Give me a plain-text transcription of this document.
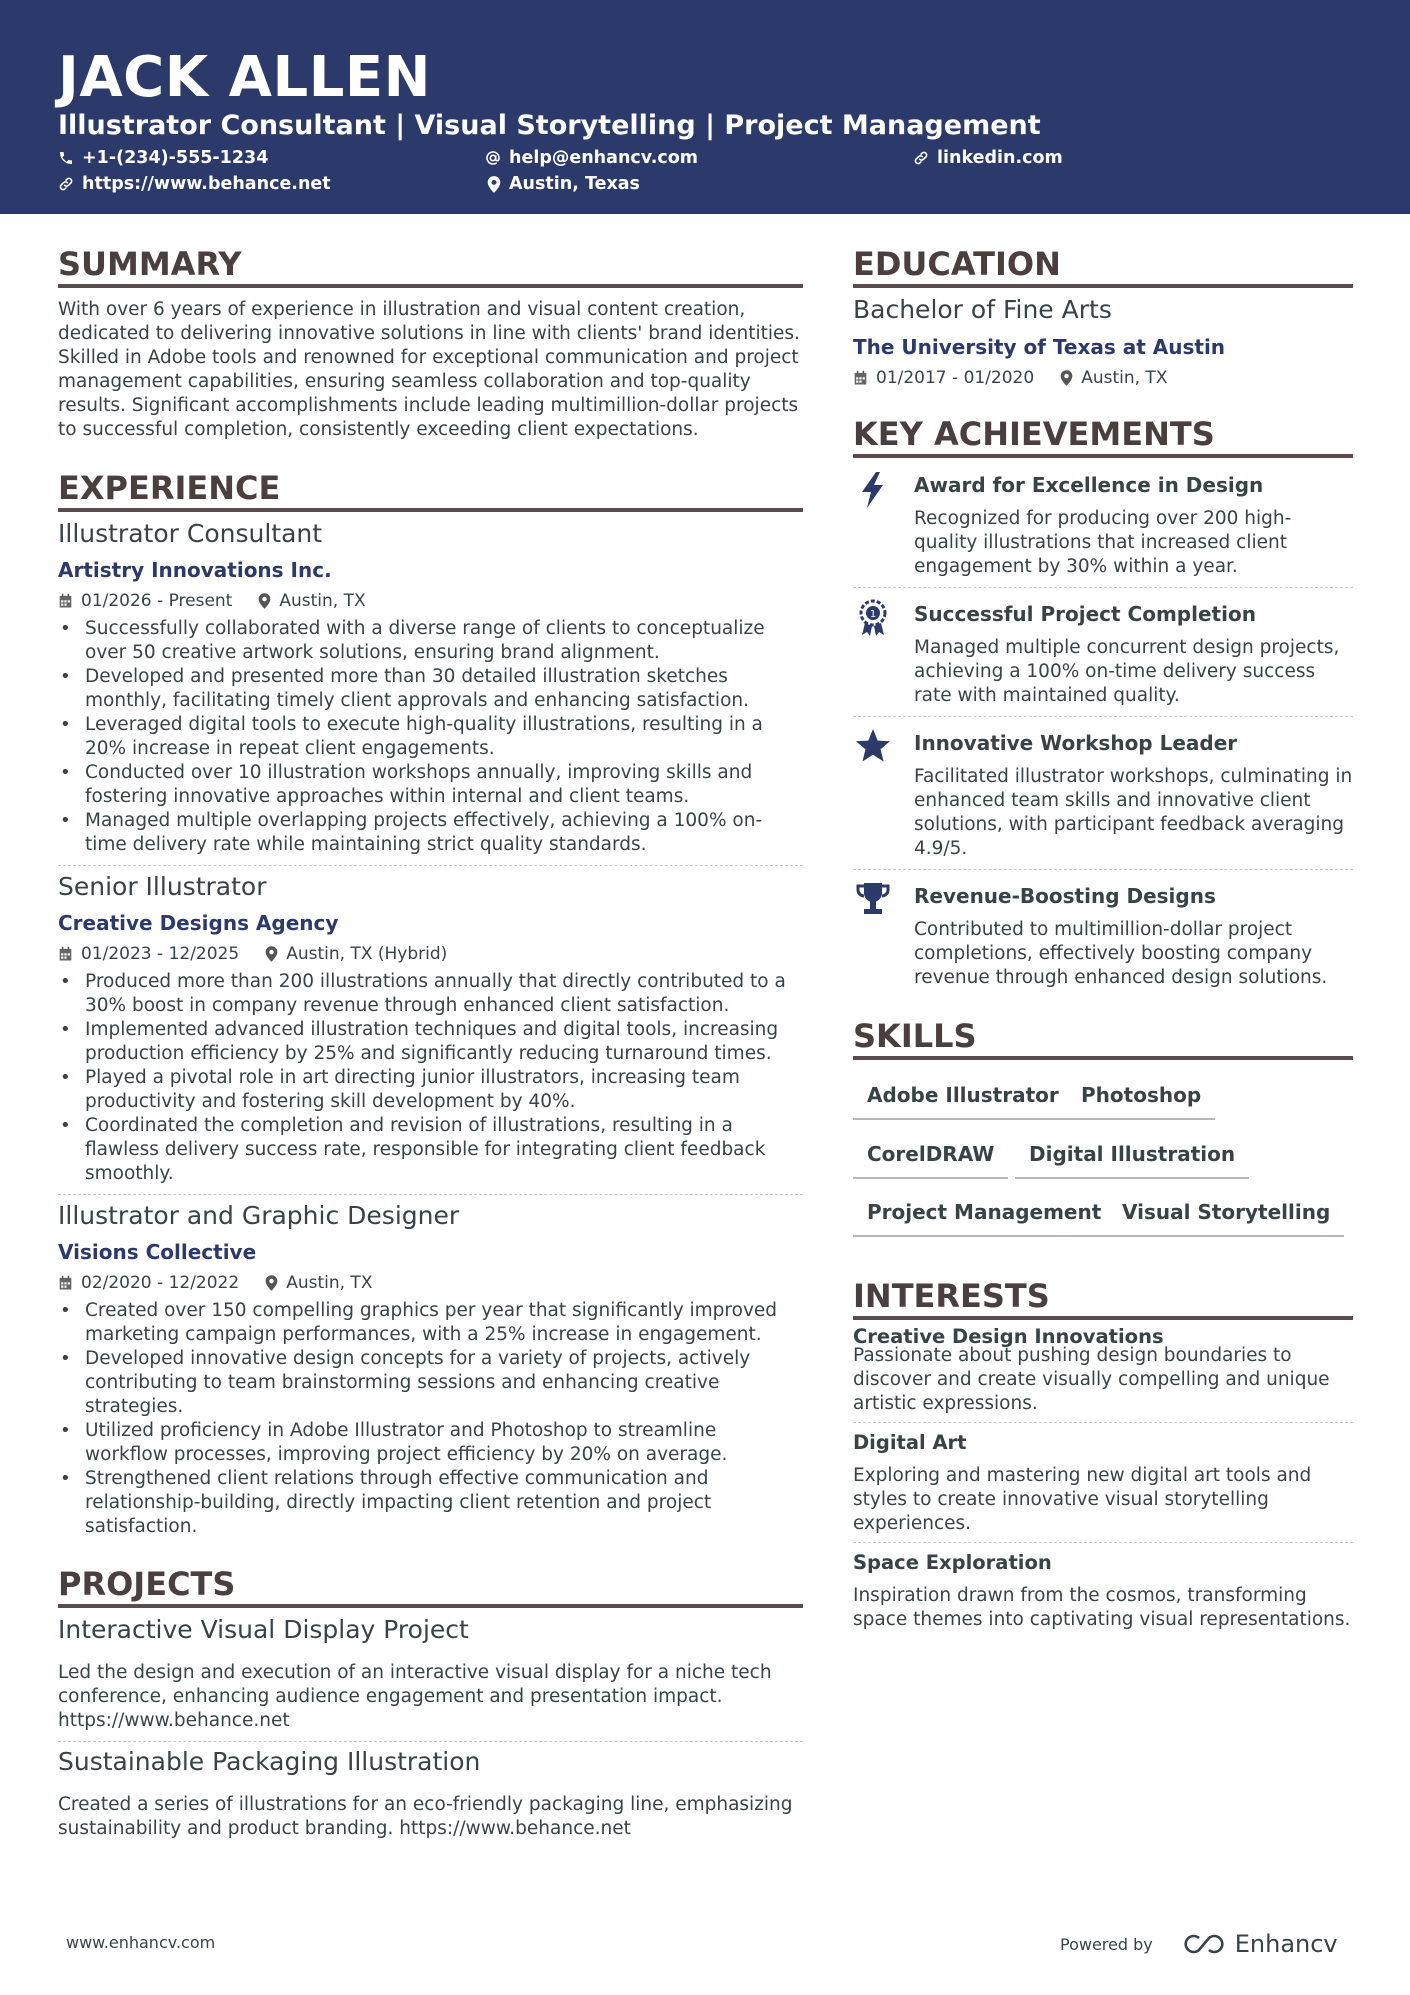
JACK ALLEN
Illustrator Consultant | Visual Storytelling | Project Management
+1-(234)-555-1234	help@enhancv.com	linkedin.com
https://www.behance.net	Austin, Texas
SUMMARY
With over 6 years of experience in illustration and visual content creation, dedicated to delivering innovative solutions in line with clients' brand identities. Skilled in Adobe tools and renowned for exceptional communication and project management capabilities, ensuring seamless collaboration and top-quality results. Significant accomplishments include leading multimillion-dollar projects to successful completion, consistently exceeding client expectations.
EXPERIENCE
Illustrator Consultant
Artistry Innovations Inc.
01/2026 - Present	Austin, TX
• Successfully collaborated with a diverse range of clients to conceptualize over 50 creative artwork solutions, ensuring brand alignment.
• Developed and presented more than 30 detailed illustration sketches monthly, facilitating timely client approvals and enhancing satisfaction.
• Leveraged digital tools to execute high-quality illustrations, resulting in a 20% increase in repeat client engagements.
• Conducted over 10 illustration workshops annually, improving skills and fostering innovative approaches within internal and client teams.
• Managed multiple overlapping projects effectively, achieving a 100% on-time delivery rate while maintaining strict quality standards.
Senior Illustrator
Creative Designs Agency
01/2023 - 12/2025	Austin, TX (Hybrid)
• Produced more than 200 illustrations annually that directly contributed to a 30% boost in company revenue through enhanced client satisfaction.
• Implemented advanced illustration techniques and digital tools, increasing production efficiency by 25% and significantly reducing turnaround times.
• Played a pivotal role in art directing junior illustrators, increasing team productivity and fostering skill development by 40%.
• Coordinated the completion and revision of illustrations, resulting in a flawless delivery success rate, responsible for integrating client feedback smoothly.
Illustrator and Graphic Designer
Visions Collective
02/2020 - 12/2022	Austin, TX
• Created over 150 compelling graphics per year that significantly improved marketing campaign performances, with a 25% increase in engagement.
• Developed innovative design concepts for a variety of projects, actively contributing to team brainstorming sessions and enhancing creative strategies.
• Utilized proficiency in Adobe Illustrator and Photoshop to streamline workflow processes, improving project efficiency by 20% on average.
• Strengthened client relations through effective communication and relationship-building, directly impacting client retention and project satisfaction.
PROJECTS
Interactive Visual Display Project
Led the design and execution of an interactive visual display for a niche tech conference, enhancing audience engagement and presentation impact. https://www.behance.net
Sustainable Packaging Illustration
Created a series of illustrations for an eco-friendly packaging line, emphasizing sustainability and product branding. https://www.behance.net
EDUCATION
Bachelor of Fine Arts
The University of Texas at Austin
01/2017 - 01/2020	Austin, TX
KEY ACHIEVEMENTS
Award for Excellence in Design
Recognized for producing over 200 high-quality illustrations that increased client engagement by 30% within a year.
1 Successful Project Completion
Managed multiple concurrent design projects, achieving a 100% on-time delivery success rate with maintained quality.
Innovative Workshop Leader
Facilitated illustrator workshops, culminating in enhanced team skills and innovative client solutions, with participant feedback averaging 4.9/5.
Revenue-Boosting Designs
Contributed to multimillion-dollar project completions, effectively boosting company revenue through enhanced design solutions.
SKILLS
Adobe Illustrator	Photoshop
CorelDRAW	Digital Illustration
Project Management	Visual Storytelling
INTERESTS
Creative Design Innovations
Passionate about pushing design boundaries to discover and create visually compelling and unique artistic expressions.
Digital Art
Exploring and mastering new digital art tools and styles to create innovative visual storytelling experiences.
Space Exploration
Inspiration drawn from the cosmos, transforming space themes into captivating visual representations.
www.enhancv.com	Powered by	Enhancv
